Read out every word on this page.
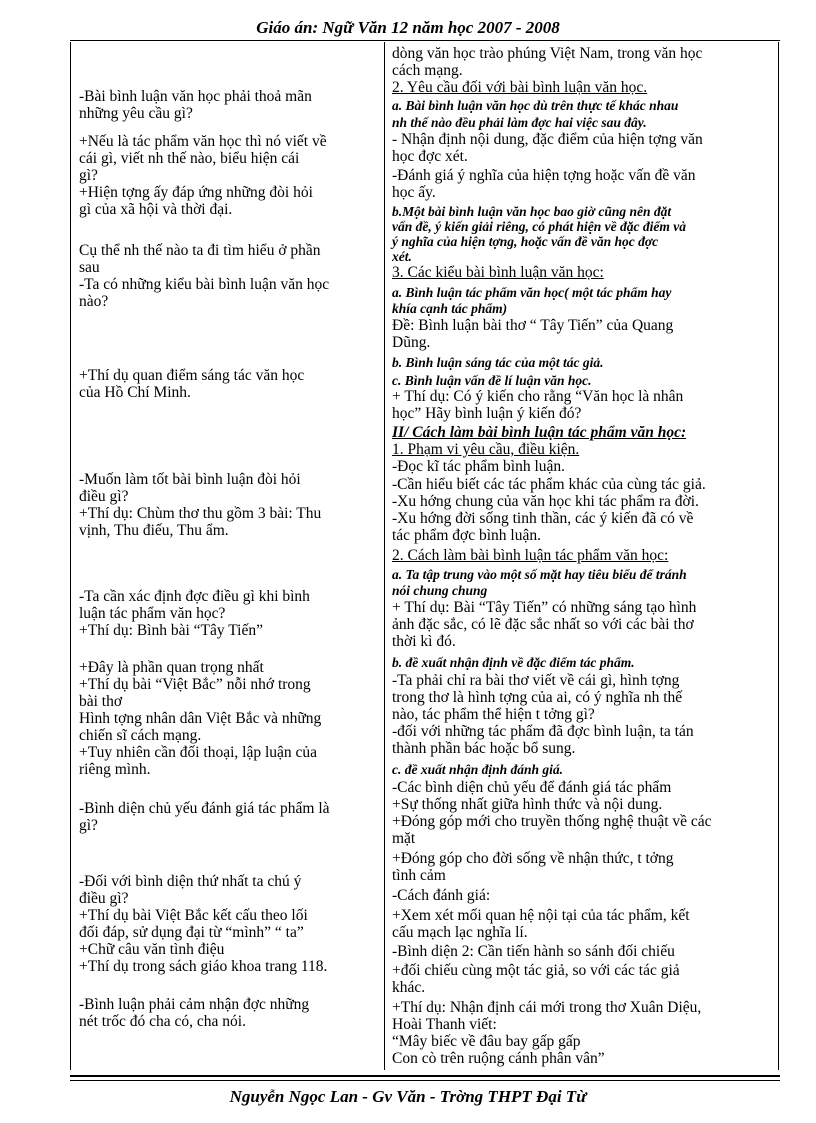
Giáo án: Ngữ Văn 12 năm học 2007 - 2008
-Bài bình luận văn học phải thoả mãn
những yêu cầu gì?
+Nếu là tác phẩm văn học thì nó viết về
cái gì, viết nh thế nào, biểu hiện cái
gì?
+Hiện tợng ấy đáp ứng những đòi hỏi
gì của xã hội và thời đại.
Cụ thể nh thế nào ta đi tìm hiểu ở phần
sau
-Ta có những kiểu bài bình luận văn học
nào?
+Thí dụ quan điểm sáng tác văn học
của Hồ Chí Minh.
-Muốn làm tốt bài bình luận đòi hỏi
điều gì?
+Thí dụ: Chùm thơ thu gồm 3 bài: Thu
vịnh, Thu điếu, Thu ẩm.
-Ta cần xác định đợc điều gì khi bình
luận tác phẩm văn học?
+Thí dụ: Bình bài “Tây Tiến”
+Đây là phần quan trọng nhất
+Thí dụ bài “Việt Bắc” nỗi nhớ trong
bài thơ
Hình tợng nhân dân Việt Bắc và những
chiến sĩ cách mạng.
+Tuy nhiên cần đối thoại, lập luận của
riêng mình.
-Bình diện chủ yếu đánh giá tác phẩm là
gì?
-Đối với bình diện thứ nhất ta chú ý
điều gì?
+Thí dụ bài Việt Bắc kết cấu theo lối
đối đáp, sử dụng đại từ “mình” “ ta”
+Chữ câu văn tình điệu
+Thí dụ trong sách giáo khoa trang 118.
-Bình luận phải cảm nhận đợc những
nét trốc đó cha có, cha nói.
dòng văn học trào phúng Việt Nam, trong văn học
cách mạng.
2. Yêu cầu đối với bài bình luận văn học.
a. Bài bình luận văn học dù trên thực tế khác nhau
nh thế nào đều phải làm đợc hai việc sau đây.
- Nhận định nội dung, đặc điểm của hiện tợng văn
học đợc xét.
-Đánh giá ý nghĩa của hiện tợng hoặc vấn đề văn
học ấy.
b.Một bài bình luận văn học bao giờ cũng nên đặt
vấn đề, ý kiến giải riêng, có phát hiện về đặc điểm và
ý nghĩa của hiện tợng, hoặc vấn đề văn học đợc
xét.
3. Các kiểu bài bình luận văn học:
a. Bình luận tác phẩm văn học( một tác phẩm hay
khía cạnh tác phẩm)
Đề: Bình luận bài thơ “ Tây Tiến” của Quang
Dũng.
b. Bình luận sáng tác của một tác giả.
c. Bình luận vấn đề lí luận văn học.
+ Thí dụ: Có ý kiến cho rằng “Văn học là nhân
học” Hãy bình luận ý kiến đó?
II/ Cách làm bài bình luận tác phẩm văn học:
1. Phạm vi yêu cầu, điều kiện.
-Đọc kĩ tác phẩm bình luận.
-Cần hiểu biết các tác phẩm khác của cùng tác giả.
-Xu hớng chung của văn học khi tác phẩm ra đời.
-Xu hớng đời sống tinh thần, các ý kiến đã có về
tác phẩm đợc bình luận.
2. Cách làm bài bình luận tác phẩm văn học:
a. Ta tập trung vào một số mặt hay tiêu biểu để tránh
nói chung chung
+ Thí dụ: Bài “Tây Tiến” có những sáng tạo hình
ảnh đặc sắc, có lẽ đặc sắc nhất so với các bài thơ
thời kì đó.
b. đề xuất nhận định về đặc điểm tác phẩm.
-Ta phải chỉ ra bài thơ viết về cái gì, hình tợng
trong thơ là hình tợng của ai, có ý nghĩa nh thế
nào, tác phẩm thể hiện t tởng gì?
-đối với những tác phẩm đã đợc bình luận, ta tán
thành phần bác hoặc bổ sung.
c. đề xuất nhận định đánh giá.
-Các bình diện chủ yếu để đánh giá tác phẩm
+Sự thống nhất giữa hình thức và nội dung.
+Đóng góp mới cho truyền thống nghệ thuật về các
mặt
+Đóng góp cho đời sống về nhận thức, t tởng
tình cảm
-Cách đánh giá:
+Xem xét mối quan hệ nội tại của tác phẩm, kết
cấu mạch lạc nghĩa lí.
-Bình diện 2: Cần tiến hành so sánh đối chiếu
+đối chiếu cùng một tác giả, so với các tác giả
khác.
+Thí dụ: Nhận định cái mới trong thơ Xuân Diệu,
Hoài Thanh viết:
“Mây biếc về đâu bay gấp gấp
Con cò trên ruộng cánh phân vân”
Nguyễn Ngọc Lan - Gv Văn - Trờng THPT Đại Từ
